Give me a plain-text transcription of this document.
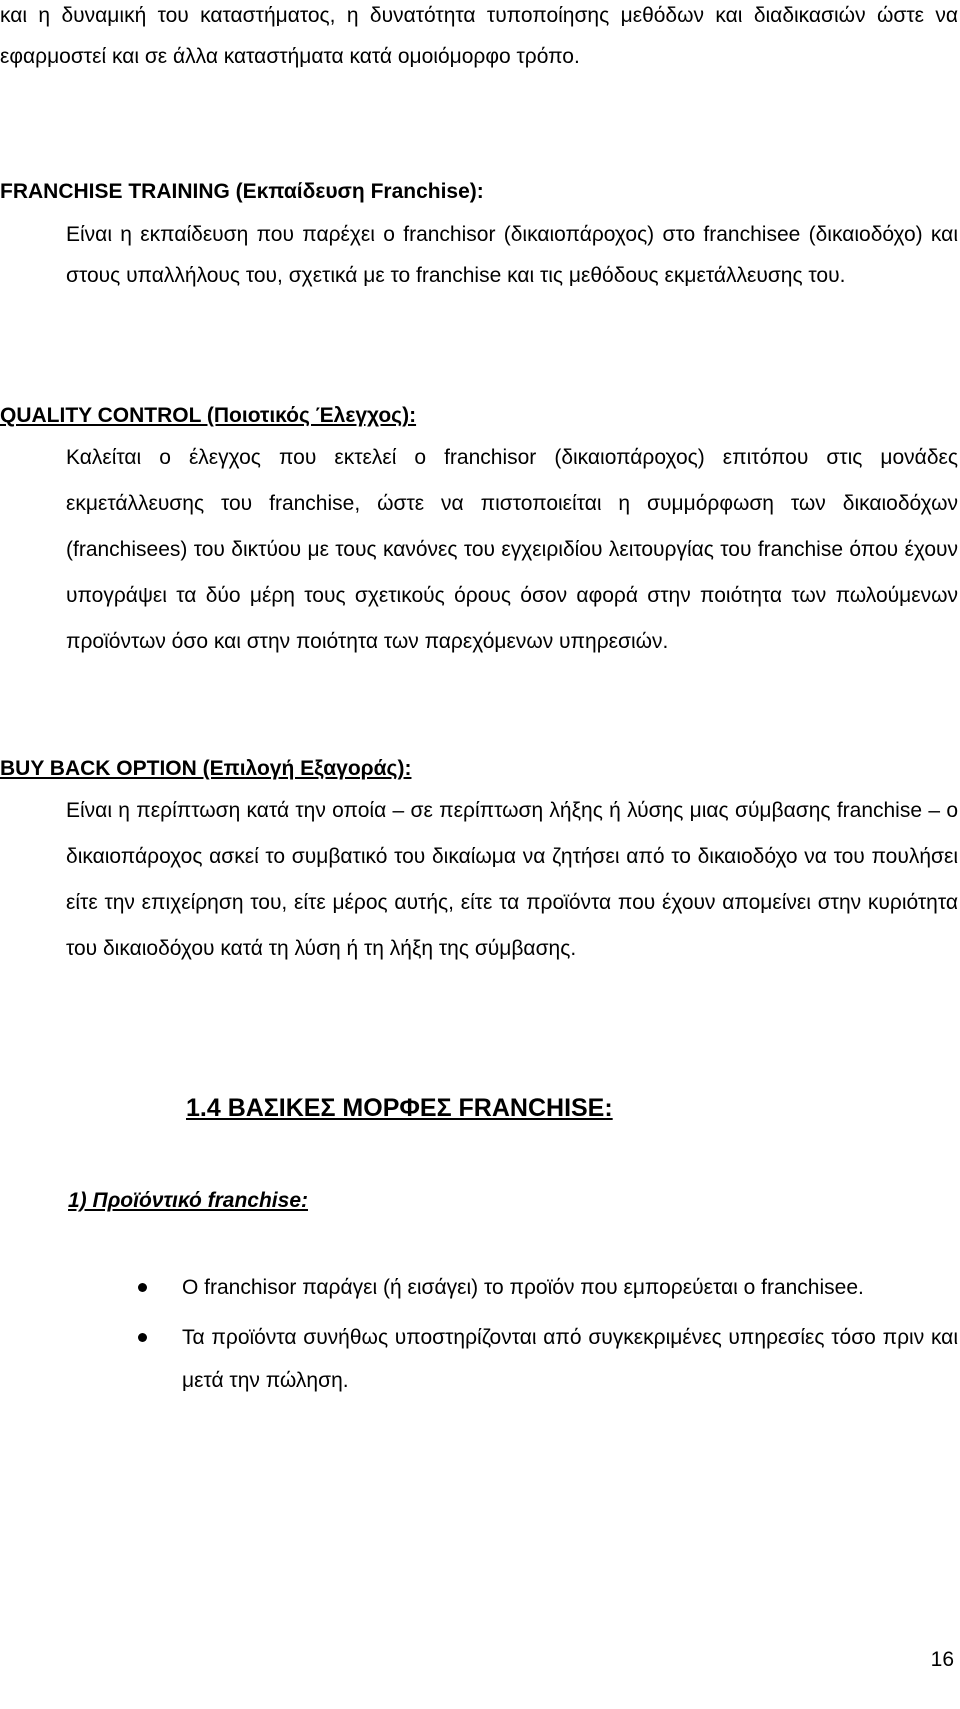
και η δυναμική του καταστήματος, η δυνατότητα τυποποίησης μεθόδων και διαδικασιών ώστε να εφαρμοστεί και σε άλλα καταστήματα κατά ομοιόμορφο τρόπο.

FRANCHISE TRAINING (Εκπαίδευση Franchise):

Είναι η εκπαίδευση που παρέχει ο franchisor (δικαιοπάροχος) στο franchisee (δικαιοδόχο) και στους υπαλλήλους του, σχετικά με το franchise και τις μεθόδους εκμετάλλευσης του.

QUALITY CONTROL (Ποιοτικός Έλεγχος):

Καλείται ο έλεγχος που εκτελεί ο franchisor (δικαιοπάροχος) επιτόπου στις μονάδες εκμετάλλευσης του franchise, ώστε να πιστοποιείται η συμμόρφωση των δικαιοδόχων (franchisees) του δικτύου με τους κανόνες του εγχειριδίου λειτουργίας του franchise όπου έχουν υπογράψει τα δύο μέρη τους σχετικούς όρους όσον αφορά στην ποιότητα των πωλούμενων προϊόντων όσο και στην ποιότητα των παρεχόμενων υπηρεσιών.

BUY BACK OPTION (Επιλογή Εξαγοράς):

Είναι η περίπτωση κατά την οποία – σε περίπτωση λήξης ή λύσης μιας σύμβασης franchise – ο δικαιοπάροχος ασκεί το συμβατικό του δικαίωμα να ζητήσει από το δικαιοδόχο να του πουλήσει είτε την επιχείρηση του, είτε μέρος αυτής, είτε τα προϊόντα που έχουν απομείνει στην κυριότητα του δικαιοδόχου κατά τη λύση ή τη λήξη της σύμβασης.

1.4 ΒΑΣΙΚΕΣ ΜΟΡΦΕΣ FRANCHISE:
1) Προϊόντικό franchise:
Ο franchisor παράγει (ή εισάγει) το προϊόν που εμπορεύεται ο franchisee.
Τα προϊόντα συνήθως υποστηρίζονται από συγκεκριμένες υπηρεσίες τόσο πριν και μετά την πώληση.
16
